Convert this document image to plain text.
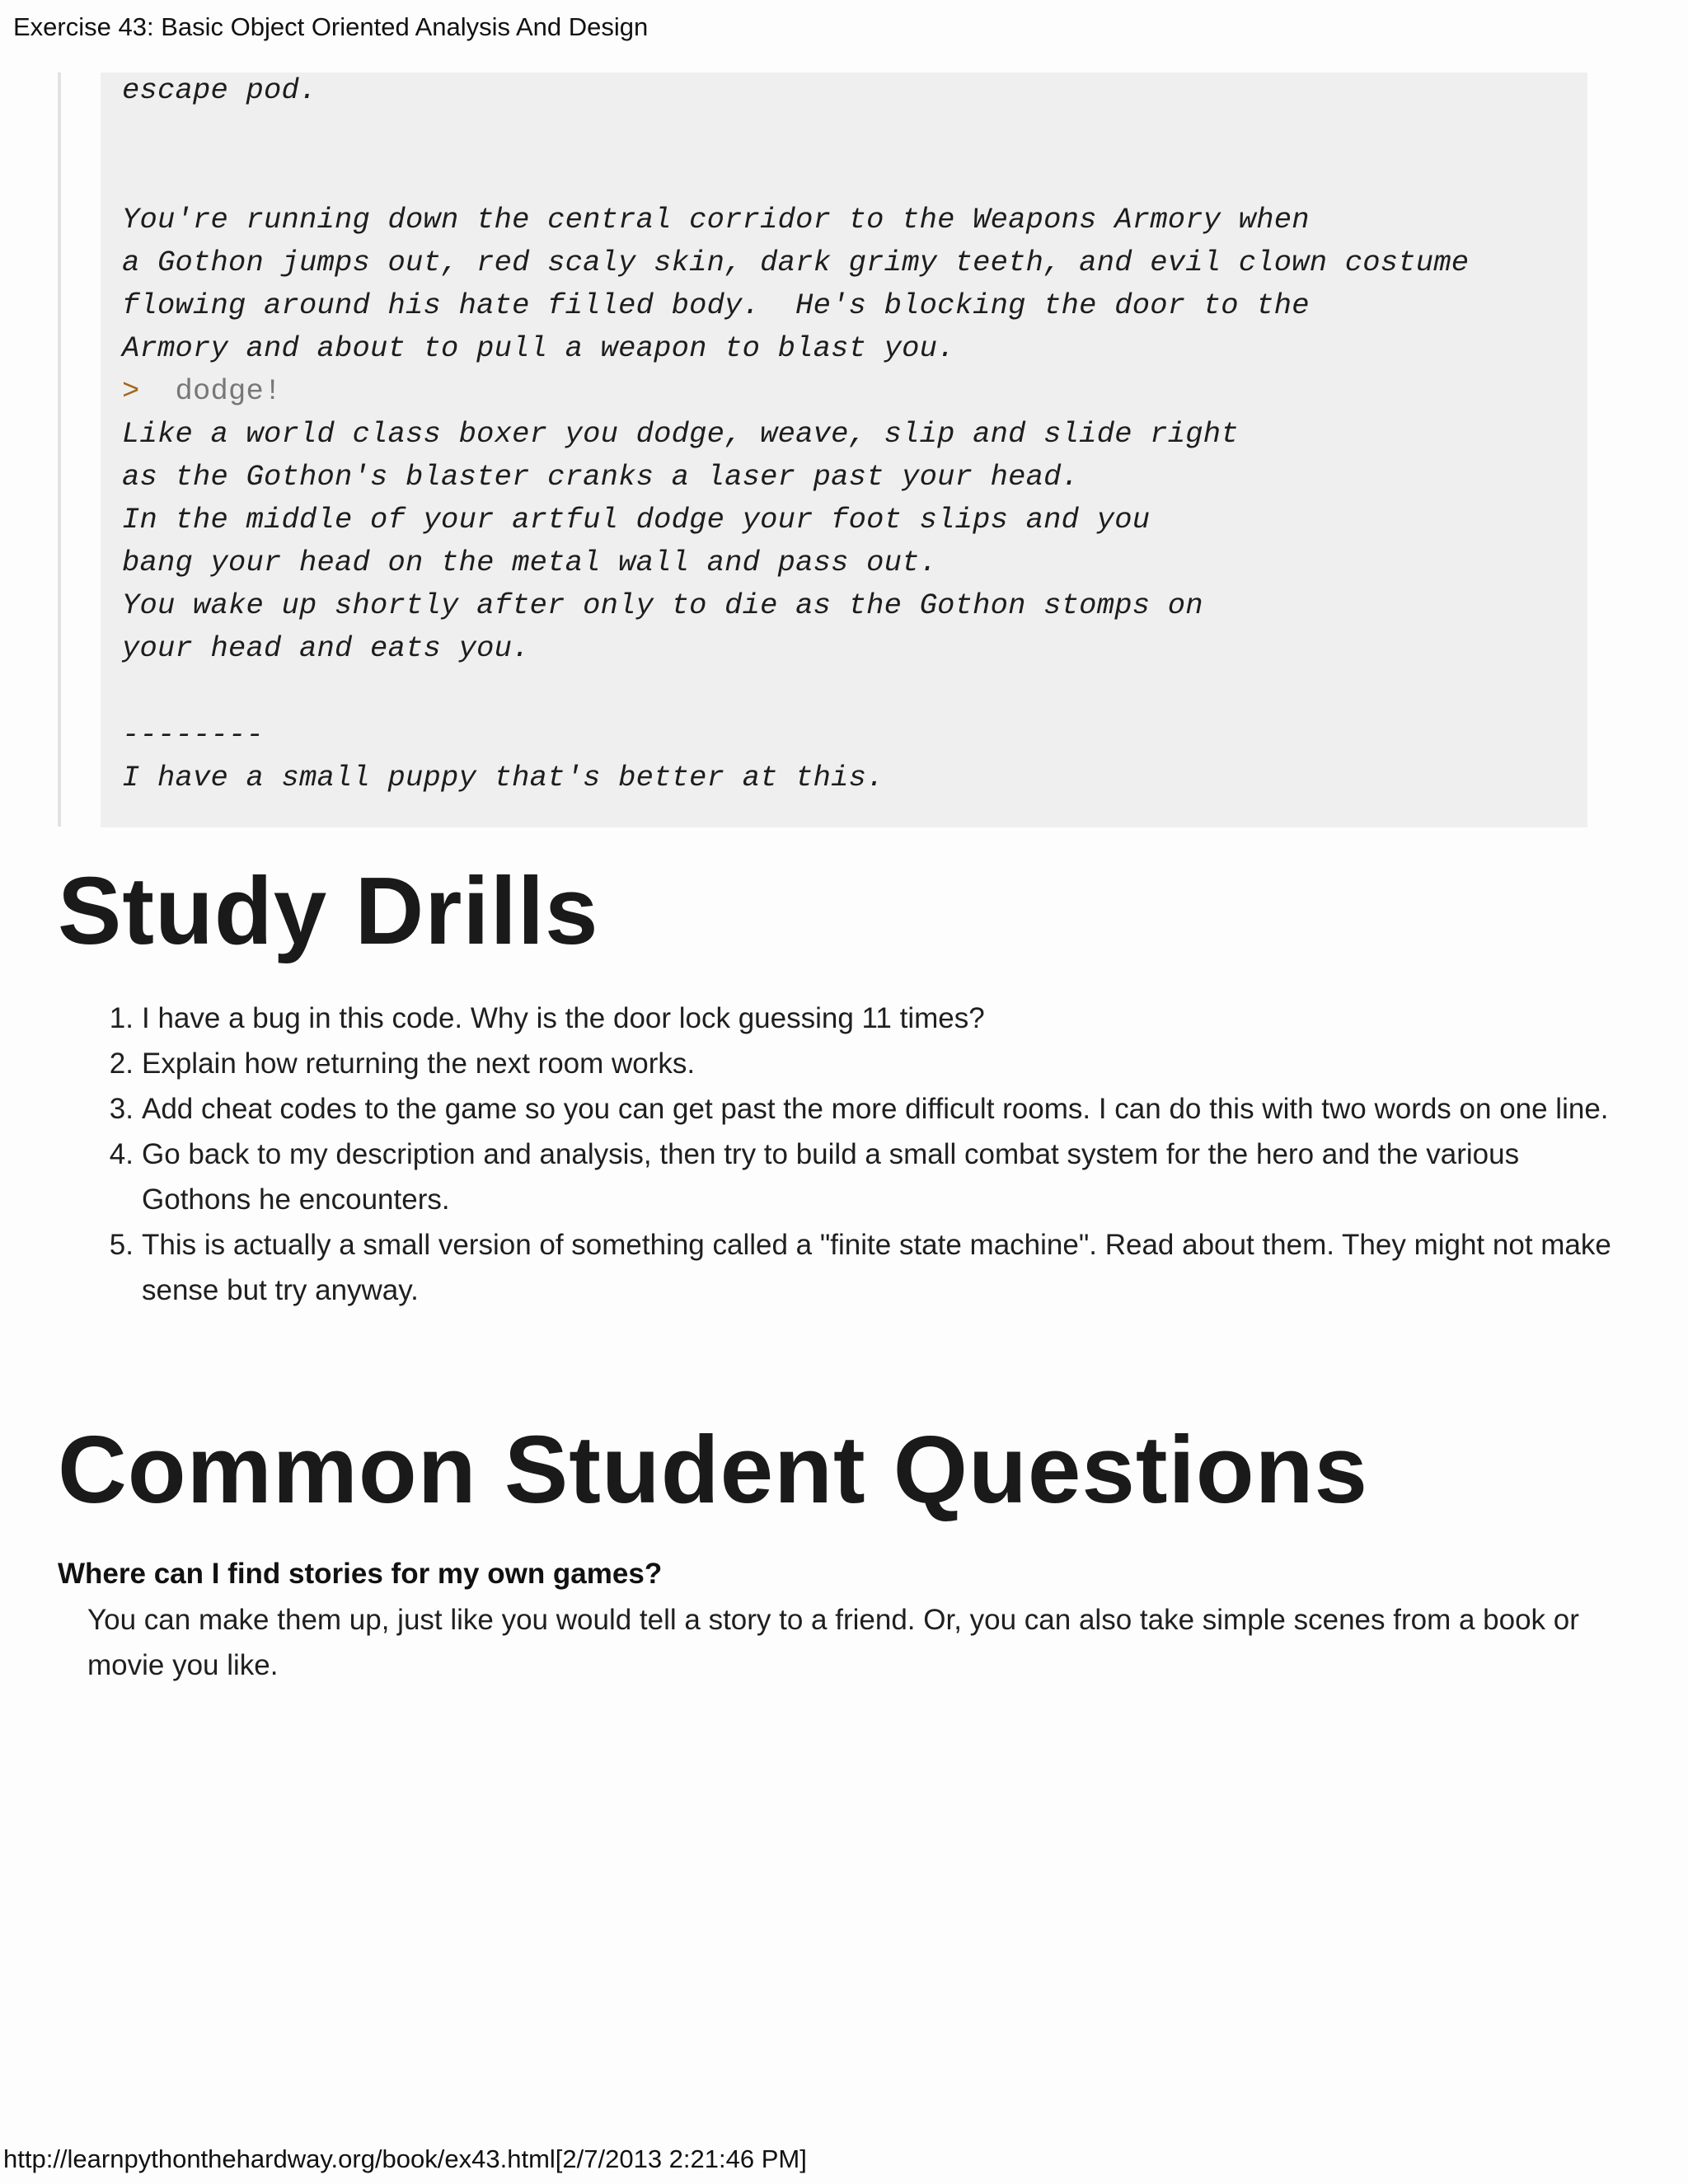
Exercise 43: Basic Object Oriented Analysis And Design
escape pod.
You're running down the central corridor to the Weapons Armory when
a Gothon jumps out, red scaly skin, dark grimy teeth, and evil clown costume
flowing around his hate filled body.  He's blocking the door to the
Armory and about to pull a weapon to blast you.
> dodge!
Like a world class boxer you dodge, weave, slip and slide right
as the Gothon's blaster cranks a laser past your head.
In the middle of your artful dodge your foot slips and you
bang your head on the metal wall and pass out.
You wake up shortly after only to die as the Gothon stomps on
your head and eats you.
--------
I have a small puppy that's better at this.
Study Drills
1. I have a bug in this code. Why is the door lock guessing 11 times?
2. Explain how returning the next room works.
3. Add cheat codes to the game so you can get past the more difficult rooms. I can do this with two words on one line.
4. Go back to my description and analysis, then try to build a small combat system for the hero and the various Gothons he encounters.
5. This is actually a small version of something called a "finite state machine". Read about them. They might not make sense but try anyway.
Common Student Questions
Where can I find stories for my own games?
You can make them up, just like you would tell a story to a friend. Or, you can also take simple scenes from a book or movie you like.
http://learnpythonthehardway.org/book/ex43.html[2/7/2013 2:21:46 PM]
